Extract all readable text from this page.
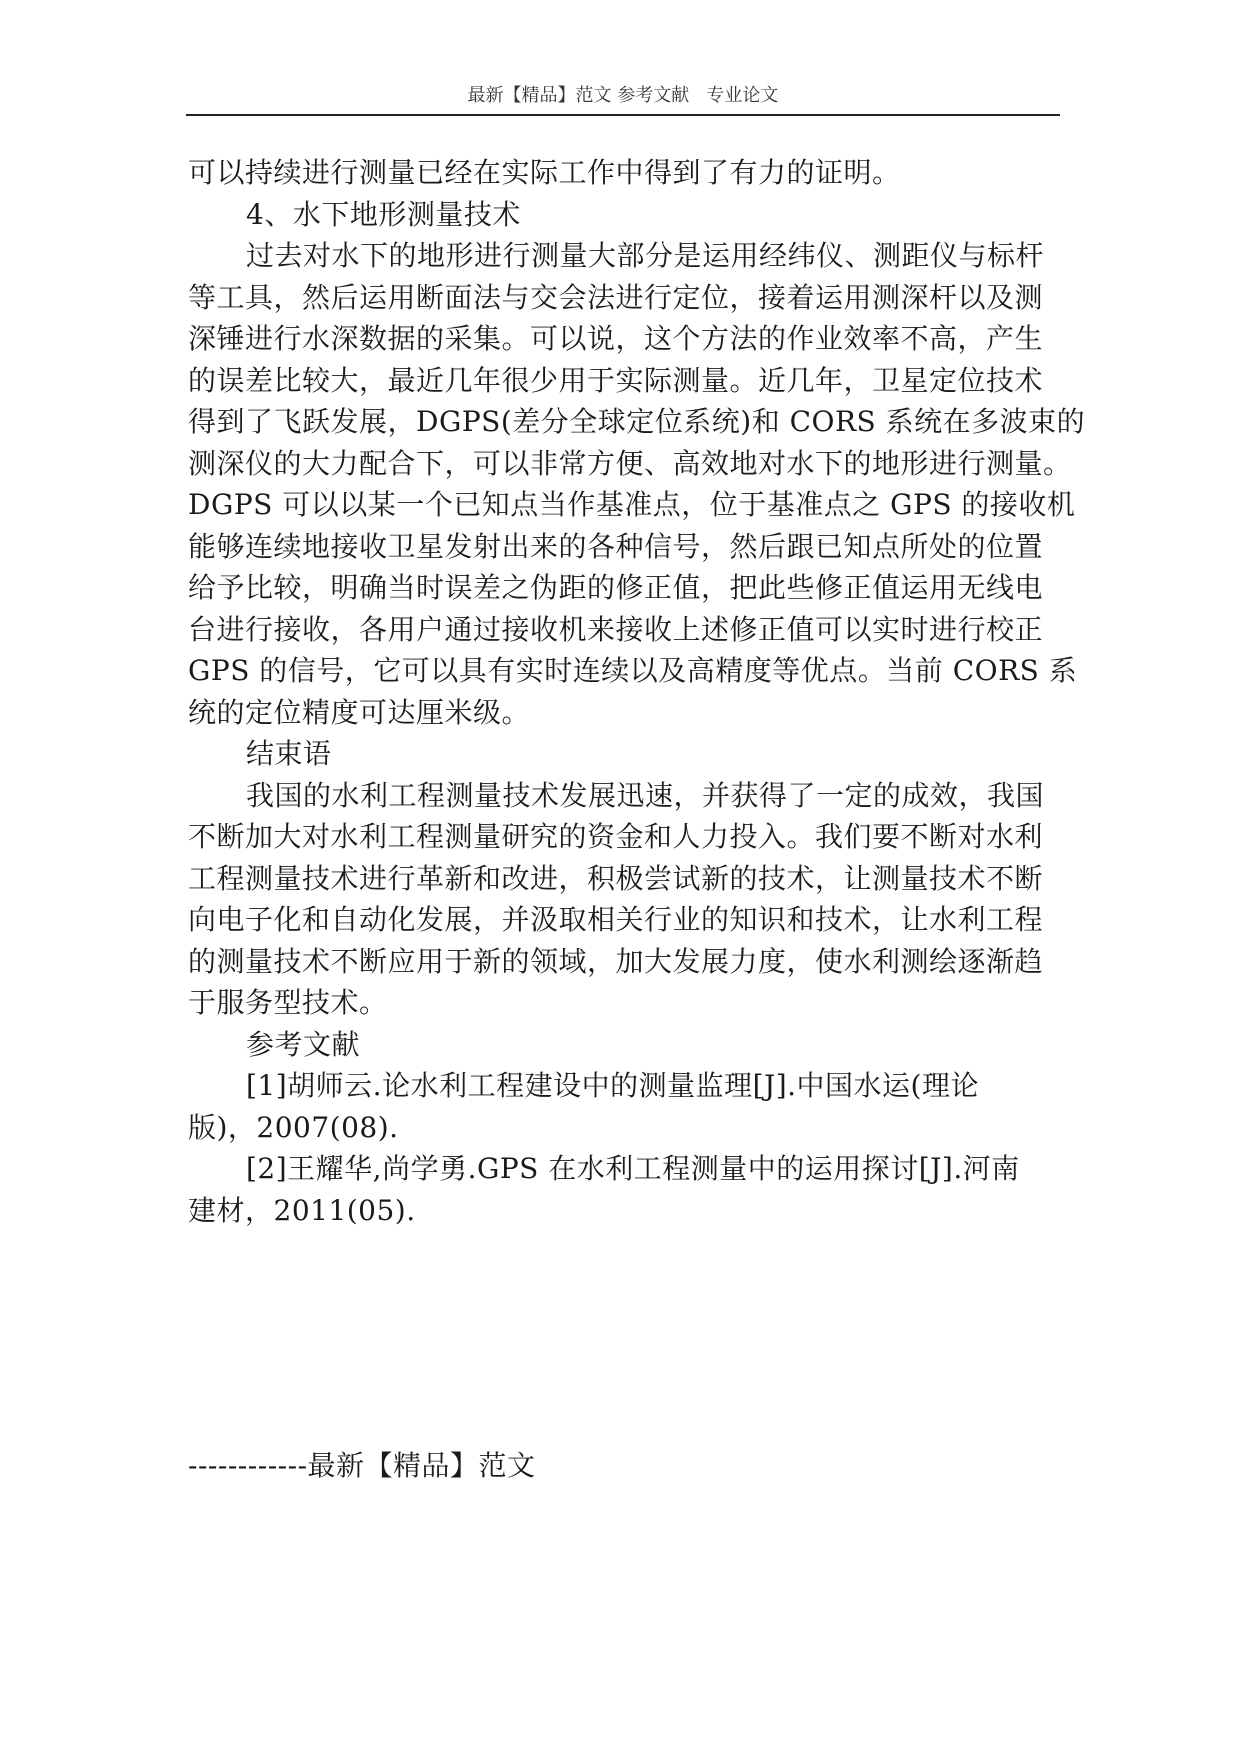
最新【精品】范文 参考文献   专业论文
可以持续进行测量已经在实际工作中得到了有力的证明。
4、水下地形测量技术
过去对水下的地形进行测量大部分是运用经纬仪、测距仪与标杆
等工具，然后运用断面法与交会法进行定位，接着运用测深杆以及测
深锤进行水深数据的采集。可以说，这个方法的作业效率不高，产生
的误差比较大，最近几年很少用于实际测量。近几年，卫星定位技术
得到了飞跃发展，DGPS(差分全球定位系统)和 CORS 系统在多波束的
测深仪的大力配合下，可以非常方便、高效地对水下的地形进行测量。
DGPS 可以以某一个已知点当作基准点，位于基准点之 GPS 的接收机
能够连续地接收卫星发射出来的各种信号，然后跟已知点所处的位置
给予比较，明确当时误差之伪距的修正值，把此些修正值运用无线电
台进行接收，各用户通过接收机来接收上述修正值可以实时进行校正
GPS 的信号，它可以具有实时连续以及高精度等优点。当前 CORS 系
统的定位精度可达厘米级。
结束语
我国的水利工程测量技术发展迅速，并获得了一定的成效，我国
不断加大对水利工程测量研究的资金和人力投入。我们要不断对水利
工程测量技术进行革新和改进，积极尝试新的技术，让测量技术不断
向电子化和自动化发展，并汲取相关行业的知识和技术，让水利工程
的测量技术不断应用于新的领域，加大发展力度，使水利测绘逐渐趋
于服务型技术。
参考文献
[1]胡师云.论水利工程建设中的测量监理[J].中国水运(理论
版)，2007(08).
[2]王耀华,尚学勇.GPS 在水利工程测量中的运用探讨[J].河南
建材，2011(05).
------------最新【精品】范文
